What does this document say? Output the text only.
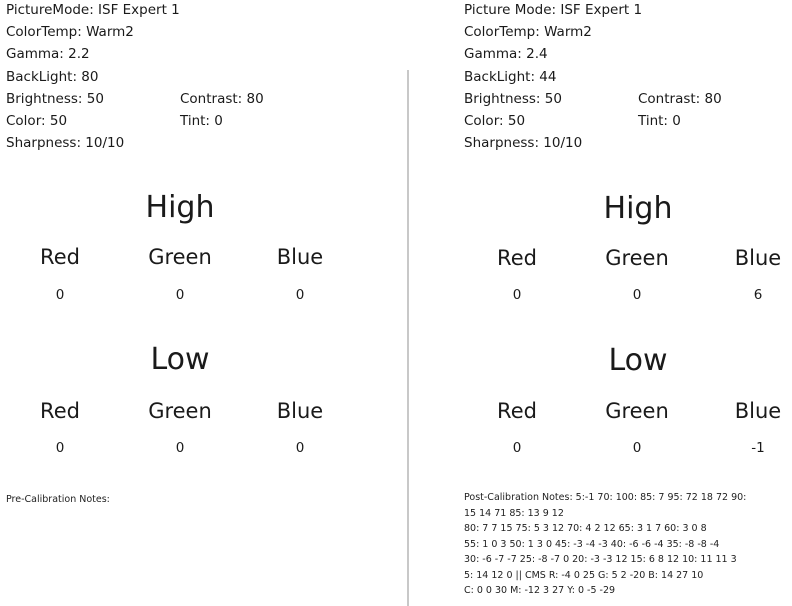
PictureMode: ISF Expert 1
ColorTemp: Warm2
Gamma: 2.2
BackLight: 80
Brightness: 50	Contrast: 80
Color: 50	Tint: 0
Sharpness: 10/10
High
Red	Green	Blue
0	0	0
Low
Red	Green	Blue
0	0	0
Pre-Calibration Notes:
Picture Mode: ISF Expert 1
ColorTemp: Warm2
Gamma: 2.4
BackLight: 44
Brightness: 50	Contrast: 80
Color: 50	Tint: 0
Sharpness: 10/10
High
Red	Green	Blue
0	0	6
Low
Red	Green	Blue
0	0	-1
Post-Calibration Notes: 5:-1 70: 100: 85: 7 95: 72 18 72 90:
15 14 71 85: 13 9 12
80: 7 7 15 75: 5 3 12 70: 4 2 12 65: 3 1 7 60: 3 0 8
55: 1 0 3 50: 1 3 0 45: -3 -4 -3 40: -6 -6 -4 35: -8 -8 -4
30: -6 -7 -7 25: -8 -7 0 20: -3 -3 12 15: 6 8 12 10: 11 11 3
5: 14 12 0 || CMS R: -4 0 25 G: 5 2 -20 B: 14 27 10
C: 0 0 30 M: -12 3 27 Y: 0 -5 -29
